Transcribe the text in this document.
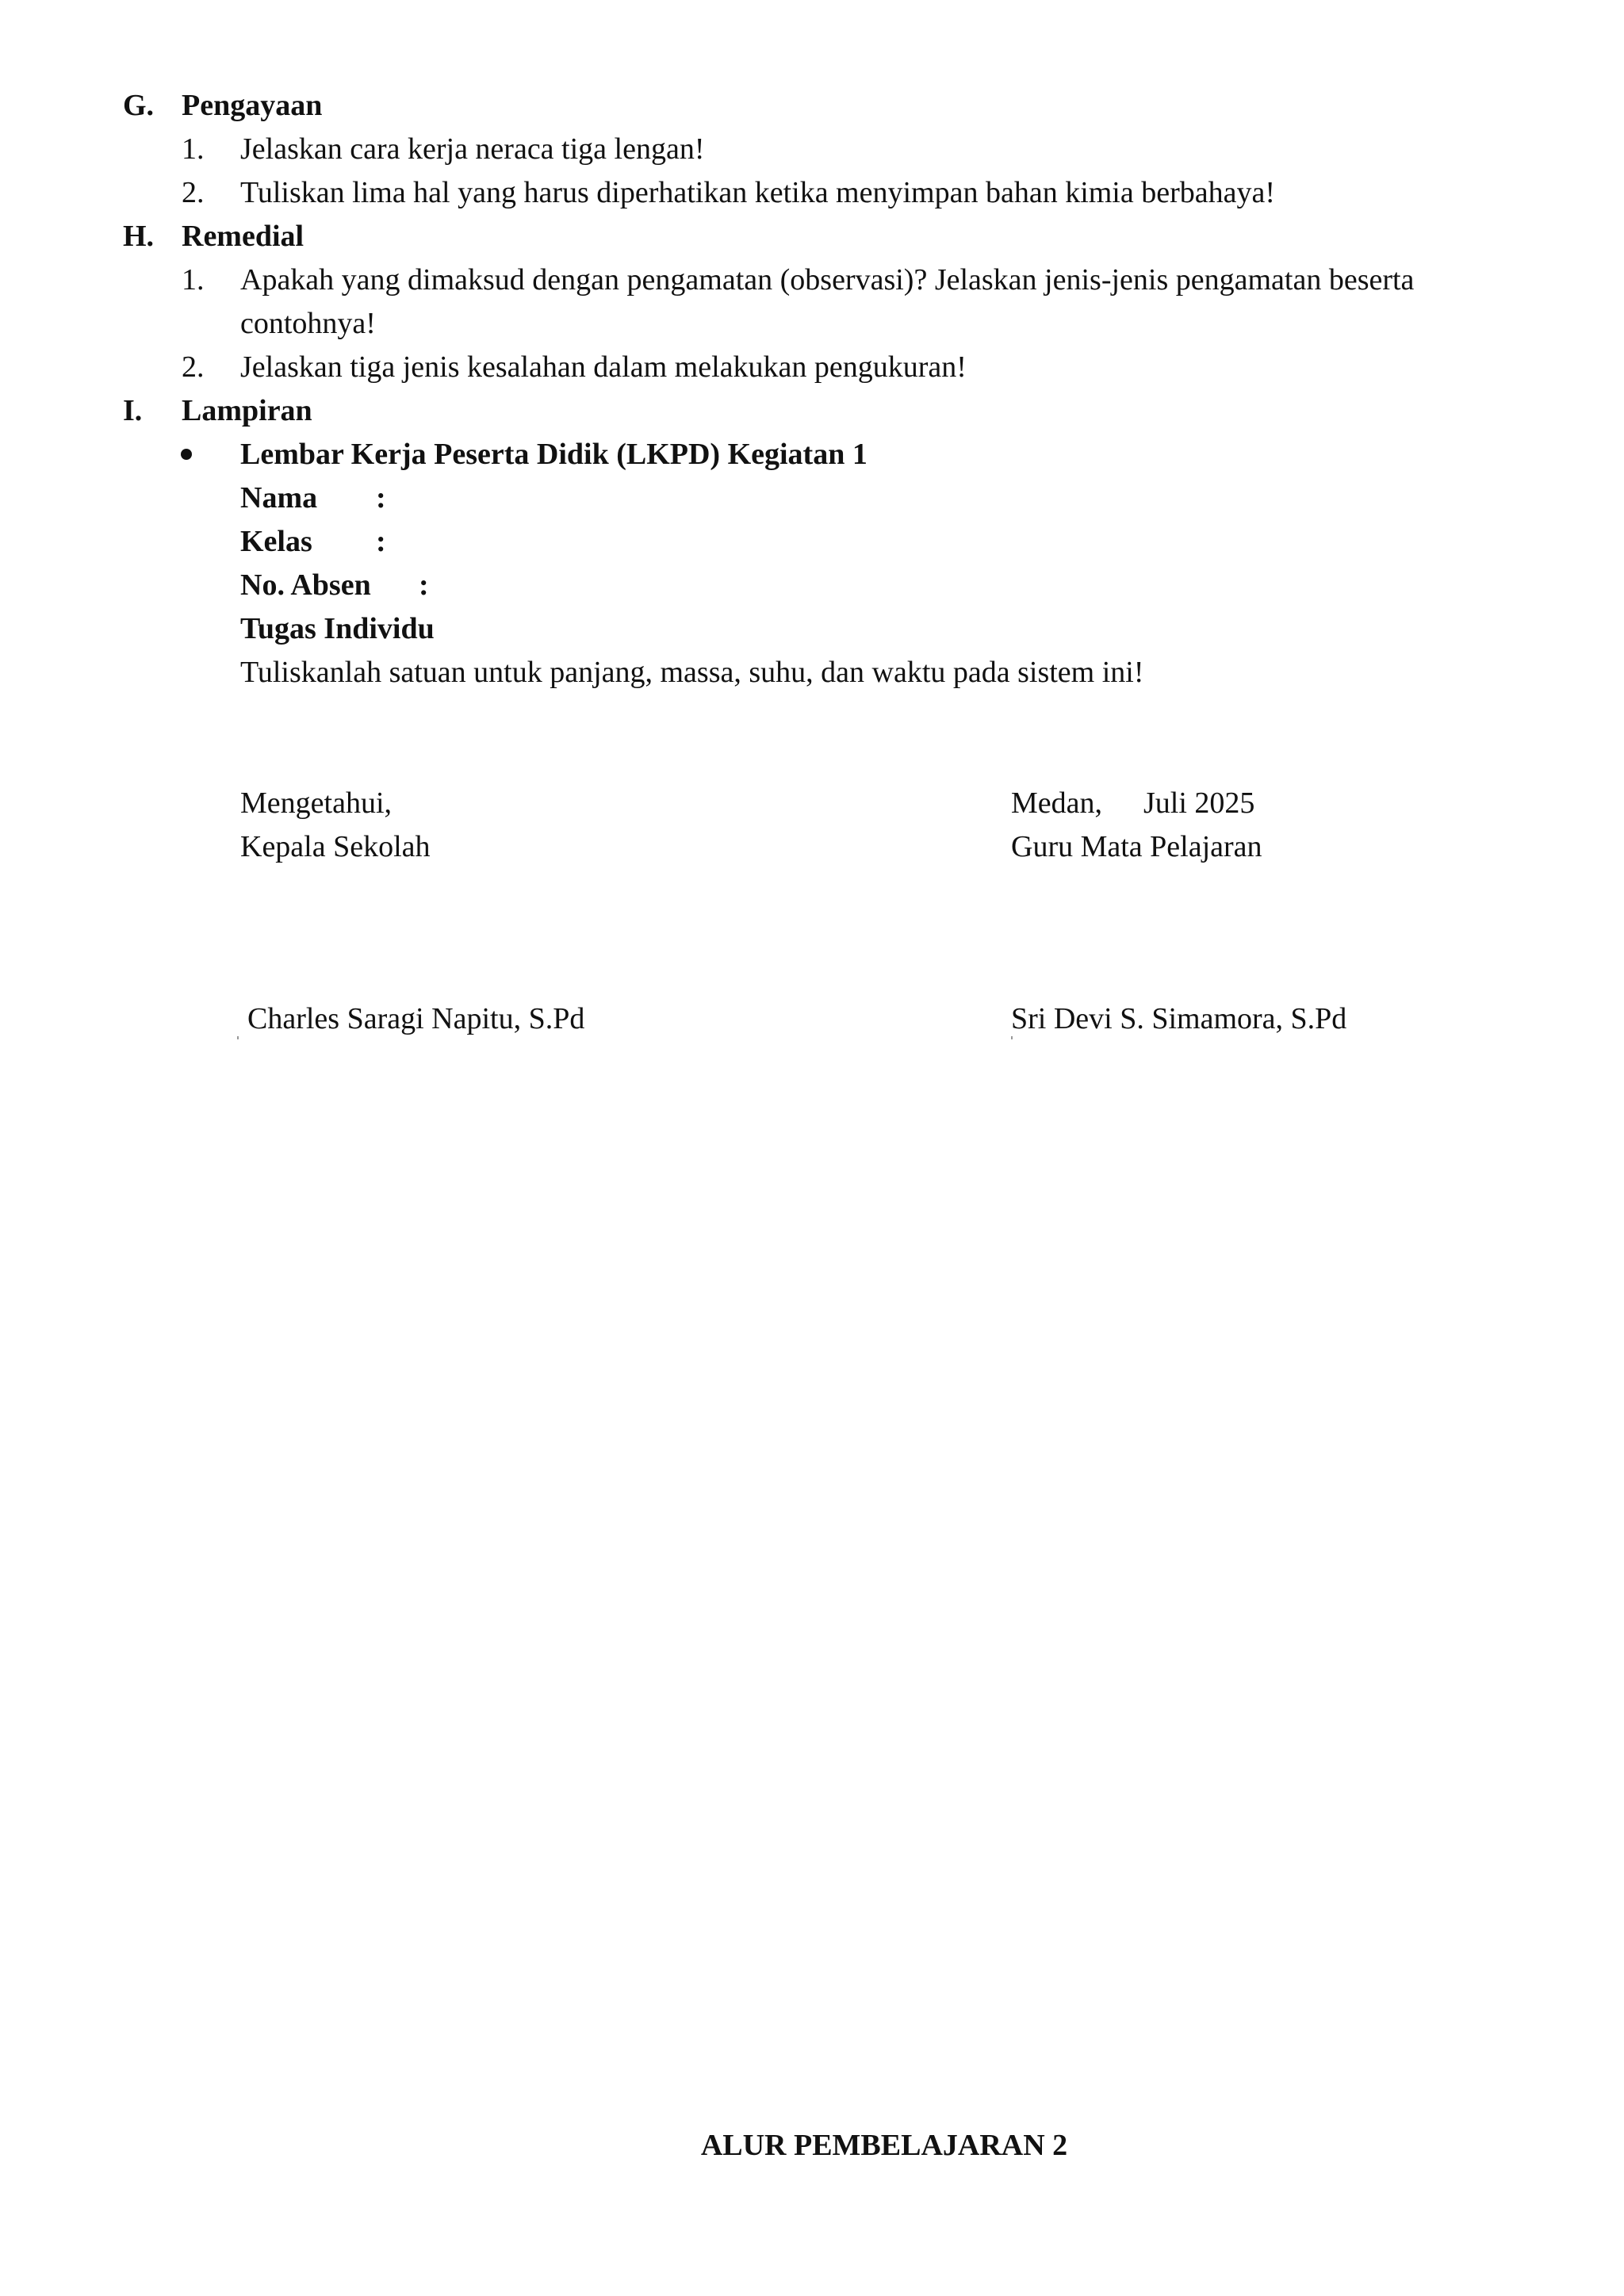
G. Pengayaan
1. Jelaskan cara kerja neraca tiga lengan!
2. Tuliskan lima hal yang harus diperhatikan ketika menyimpan bahan kimia berbahaya!
H. Remedial
1. Apakah yang dimaksud dengan pengamatan (observasi)? Jelaskan jenis-jenis pengamatan beserta
contohnya!
2. Jelaskan tiga jenis kesalahan dalam melakukan pengukuran!
I. Lampiran
Lembar Kerja Peserta Didik (LKPD) Kegiatan 1
Nama :
Kelas :
No. Absen :
Tugas Individu
Tuliskanlah satuan untuk panjang, massa, suhu, dan waktu pada sistem ini!
Mengetahui,
Kepala Sekolah
Charles Saragi Napitu, S.Pd
Medan, Juli 2025
Guru Mata Pelajaran
Sri Devi S. Simamora, S.Pd
ALUR PEMBELAJARAN 2
